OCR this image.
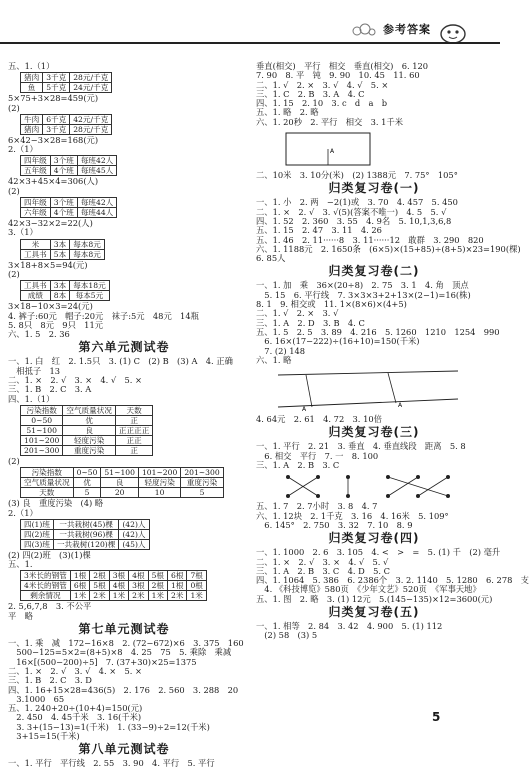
参考答案
五、1.（1）
猪肉	3千克	28元/千克
鱼	5千克	24元/千克
5×75+3×28=459(元)
(2)
牛肉	6千克	42元/千克
猪肉	3千克	28元/千克
6×42−3×28=168(元)
2.（1）
四年级	3个班	每班42人
五年级	4个班	每班45人
42×3+45×4=306(人)
(2)
四年级	3个班	每班42人
六年级	4个班	每班44人
42×3−32×2=22(人)
3.（1）
米	3本	每本8元
工具书	5本	每本8元
3×18+8×5=94(元)
(2)
工具书	3本	每本18元
成绩	8本	每本5元
3×18−10×3=24(元)
4. 裤子:60元　帽子:20元　袜子:5元　48元　14瓶
5. 8只　8元　9只　11元
六、1. 5　2. 36
第六单元测试卷
一、1. 白　红　2. 1.5只　3. (1) C　(2) B　(3) A　4. 正确
　相抵子　13
二、1. ×　2. √　3. ×　4. √　5. ×
三、1. B　2. C　3. A
四、1.（1）
污染指数	空气质量状况	天数
0~50	优	正
51~100	良	正正正正
101~200	轻度污染	正正
201~300	重度污染	正
(2)
污染指数	0~50	51~100	101~200	201~300
空气质量状况	优	良	轻度污染	重度污染
天数	5	20	10	5
(3) 良　重度污染　(4) 略
2.（1）
四(1)班	一共栽树(45)棵	(42)人
四(2)班	一共栽树(96)棵	(42)人
四(3)班	一共栽树(120)棵	(45)人
(2) 四(2)班　(3)(1)棵
五、1.
3米长的钢管	1根	2根	3根	4根	5根	6根	7根
4米长的钢管	6根	5根	4根	3根	2根	1根	0根
剩余情况	1米	2米	1米	2米	1米	2米	1米
2. 5,6,7,8　3. 不公平
平　略
第七单元测试卷
一、1. 乘　减　172−16×8　2. (72−672)×6　3. 375　160
　500−125=5×2=(8+5)×8　4. 25　75　5. 乘除　乘减
　16×[(500−200)÷5]　7. (37+30)×25=1375
二、1. ×　2. √　3. √　4. ×　5. ×
三、1. B　2. C　3. D
四、1. 16+15×28=436(5)　2. 176　2. 560　3. 288　20
　3.1000　65
五、1. 240+20÷(10+4)=150(元)
　2. 450　4. 45千米　3. 16(千米)
　3. 3+(15−13)=1(千米)　1. (33−9)÷2=12(千米)
　3+15=15(千米)
第八单元测试卷
一、1. 平行　平行线　2. 55　3. 90　4. 平行　5. 平行
垂直(相交)　平行　相交　垂直(相交)　6. 120
7. 90　8. 平　钝　9. 90　10. 45　11. 60
二、1. √　2. ×　3. √　4. √　5. ×
三、1. C　2. B　3. A　4. C
四、1. 15　2. 10　3. c　d　a　b
五、1. 略　2. 略
六、1. 20秒　2. 平行　相交　3. 1千米
A
二、10米　3. 10分(米)　(2) 1388元　7. 75°　105°
归类复习卷(一)
一、1. 小　2. 两　−2(1)或　3. 70　4. 457　5. 450
二、1. ×　2. √　3. √(5)(答案不唯一)　4. 5　5. √
四、1. 52　2. 360　3. 55　4. 9名　5. 10,1,3,6,8
五、1. 15　2. 47　3. 11　4. 26
五、1. 46　2. 11······8　3. 11······12　敢群　3. 290　820
六、1. 1188元　2. 1650条　(6×5)×(15+85)÷(8+5)×23=190(棵)
6. 85人
归类复习卷(二)
一、1. 加　乘　36×(20÷8)　2. 75　3. 1　4. 角　顶点
　5. 15　6. 平行线　7. 3×3×3+2+13×(2−1)=16(株)
8. 1　9. 相交或　11. 1×(8×6)×(4+5)
二、1. √　2. ×　3. √
三、1. A　2. D　3. B　4. C
五、1. 5　2. 5　3. 89　4. 216　5. 1260　1210　1254　990
　6. 16×(17−222)÷(16+10)=150(千米)
　7. (2) 148
六、1. 略
A
A
4. 64元　2. 61　4. 72　3. 10倍
归类复习卷(三)
一、1. 平行　2. 21　3. 垂直　4. 垂直线段　距离　5. 8
　6. 相交　平行　7. 一　8. 100
三、1. A　2. B　3. C
五、1. 7　2. 7小时　3. 8　4. 7
六、1. 12块　2. 1千克　3. 16　4. 16米　5. 109°
　6. 145°　2. 750　3. 32　7. 10　8. 9
归类复习卷(四)
一、1. 1000　2. 6　3. 105　4. <　>　=　5. (1) 千　(2) 毫升
二、1. ×　2. √　3. ×　4. √　5. √
三、1. A　2. B　3. C　4. D　5. C
四、1. 1064　5. 386　6. 2386个　3. 2. 1140　5. 1280　6. 278　支
　4. 《科技博览》580页　《少年文艺》520页　《军事天地》
五、1. 图　2. 略　3. (1) 12元　5.(145−135)×12=3600(元)
归类复习卷(五)
一、1. 相等　2. 84　3. 42　4. 900　5. (1) 112
　(2) 58　(3) 5
5
